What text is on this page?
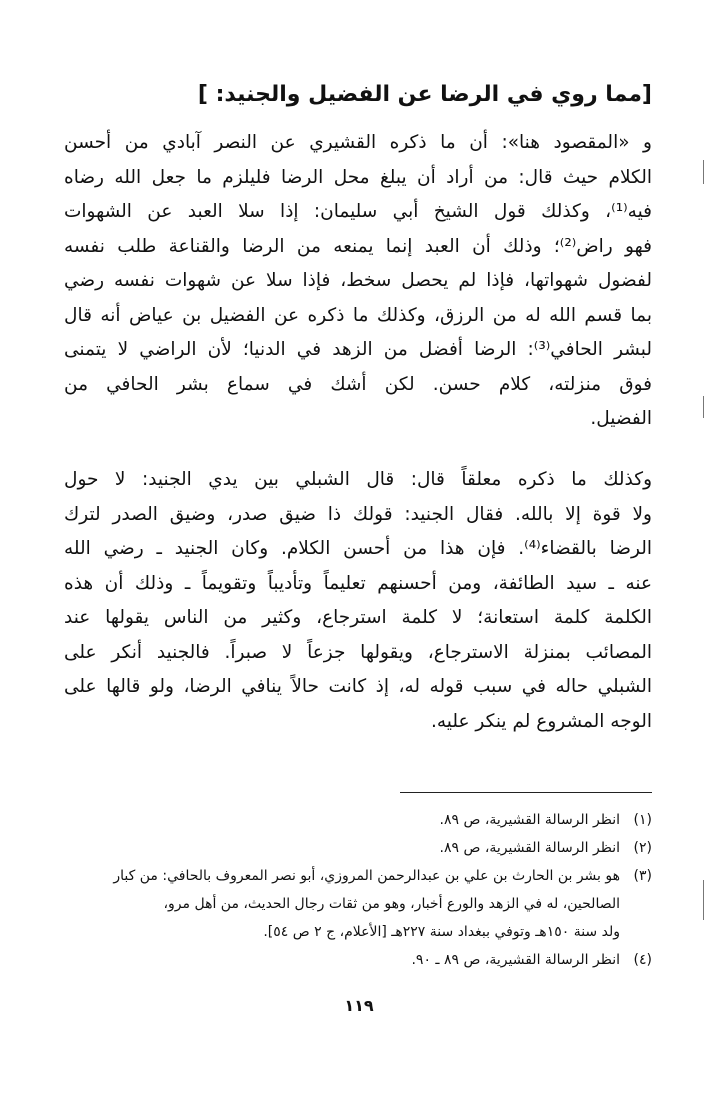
[مما روي في الرضا عن الفضيل والجنيد: ]
و «المقصود هنا»: أن ما ذكره القشيري عن النصر آبادي من أحسن
الكلام حيث قال: من أراد أن يبلغ محل الرضا فليلزم ما جعل الله رضاه
فيه⁽¹⁾، وكذلك قول الشيخ أبي سليمان: إذا سلا العبد عن الشهوات
فهو راض⁽²⁾؛ وذلك أن العبد إنما يمنعه من الرضا والقناعة طلب نفسه
لفضول شهواتها، فإذا لم يحصل سخط، فإذا سلا عن شهوات نفسه رضي
بما قسم الله له من الرزق، وكذلك ما ذكره عن الفضيل بن عياض أنه قال
لبشر الحافي⁽³⁾: الرضا أفضل من الزهد في الدنيا؛ لأن الراضي لا يتمنى
فوق منزلته، كلام حسن. لكن أشك في سماع بشر الحافي من
الفضيل.
وكذلك ما ذكره معلقاً قال: قال الشبلي بين يدي الجنيد: لا حول
ولا قوة إلا بالله. فقال الجنيد: قولك ذا ضيق صدر، وضيق الصدر لترك
الرضا بالقضاء⁽⁴⁾. فإن هذا من أحسن الكلام. وكان الجنيد ـ رضي الله
عنه ـ سيد الطائفة، ومن أحسنهم تعليماً وتأديباً وتقويماً ـ وذلك أن هذه
الكلمة كلمة استعانة؛ لا كلمة استرجاع، وكثير من الناس يقولها عند
المصائب بمنزلة الاسترجاع، ويقولها جزعاً لا صبراً. فالجنيد أنكر على
الشبلي حاله في سبب قوله له، إذ كانت حالاً ينافي الرضا، ولو قالها على
الوجه المشروع لم ينكر عليه.
(١)انظر الرسالة القشيرية، ص ٨٩.
(٢)انظر الرسالة القشيرية، ص ٨٩.
(٣)هو بشر بن الحارث بن علي بن عبدالرحمن المروزي، أبو نصر المعروف بالحافي: من كبار
الصالحين، له في الزهد والورع أخبار، وهو من ثقات رجال الحديث، من أهل مرو،
ولد سنة ١٥٠هـ وتوفي ببغداد سنة ٢٢٧هـ [الأعلام، ج ٢ ص ٥٤].
(٤)انظر الرسالة القشيرية، ص ٨٩ ـ ٩٠.
١١٩
